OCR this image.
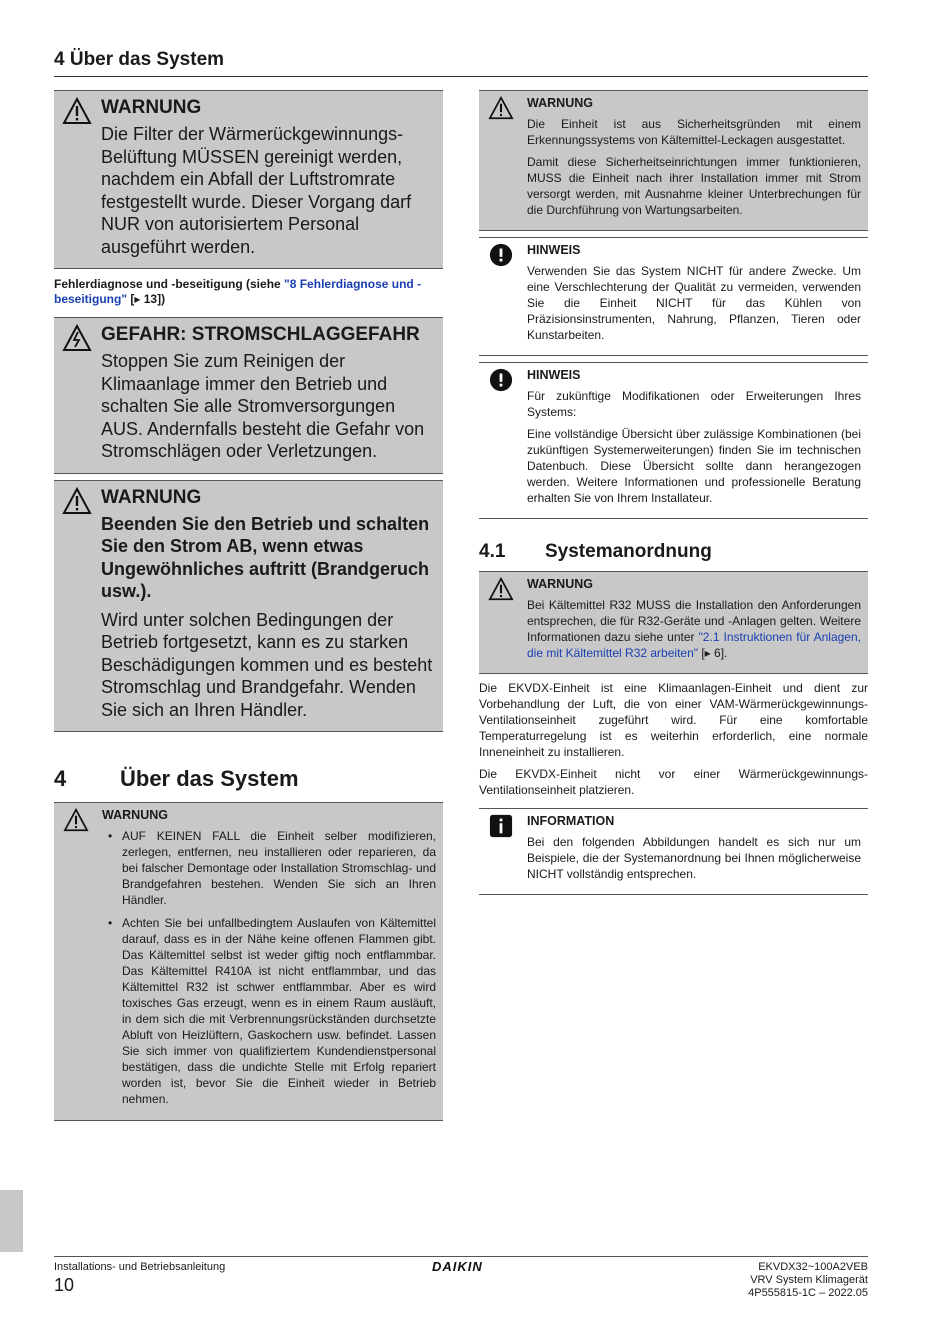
4 Über das System
WARNUNG
Die Filter der Wärmerückgewinnungs-Belüftung MÜSSEN gereinigt werden, nachdem ein Abfall der Luftstromrate festgestellt wurde. Dieser Vorgang darf NUR von autorisiertem Personal ausgeführt werden.
Fehlerdiagnose und -beseitigung (siehe "8 Fehlerdiagnose und -beseitigung" [▸ 13])
GEFAHR: STROMSCHLAGGEFAHR
Stoppen Sie zum Reinigen der Klimaanlage immer den Betrieb und schalten Sie alle Stromversorgungen AUS. Andernfalls besteht die Gefahr von Stromschlägen oder Verletzungen.
WARNUNG
Beenden Sie den Betrieb und schalten Sie den Strom AB, wenn etwas Ungewöhnliches auftritt (Brandgeruch usw.).
Wird unter solchen Bedingungen der Betrieb fortgesetzt, kann es zu starken Beschädigungen kommen und es besteht Stromschlag und Brandgefahr. Wenden Sie sich an Ihren Händler.
4	Über das System
WARNUNG
• AUF KEINEN FALL die Einheit selber modifizieren, zerlegen, entfernen, neu installieren oder reparieren, da bei falscher Demontage oder Installation Stromschlag- und Brandgefahren bestehen. Wenden Sie sich an Ihren Händler.
• Achten Sie bei unfallbedingtem Auslaufen von Kältemittel darauf, dass es in der Nähe keine offenen Flammen gibt. Das Kältemittel selbst ist weder giftig noch entflammbar. Das Kältemittel R410A ist nicht entflammbar, und das Kältemittel R32 ist schwer entflammbar. Aber es wird toxisches Gas erzeugt, wenn es in einem Raum ausläuft, in dem sich die mit Verbrennungsrückständen durchsetzte Abluft von Heizlüftern, Gaskochern usw. befindet. Lassen Sie sich immer von qualifiziertem Kundendienstpersonal bestätigen, dass die undichte Stelle mit Erfolg repariert worden ist, bevor Sie die Einheit wieder in Betrieb nehmen.
WARNUNG
Die Einheit ist aus Sicherheitsgründen mit einem Erkennungssystems von Kältemittel-Leckagen ausgestattet.
Damit diese Sicherheitseinrichtungen immer funktionieren, MUSS die Einheit nach ihrer Installation immer mit Strom versorgt werden, mit Ausnahme kleiner Unterbrechungen für die Durchführung von Wartungsarbeiten.
HINWEIS
Verwenden Sie das System NICHT für andere Zwecke. Um eine Verschlechterung der Qualität zu vermeiden, verwenden Sie die Einheit NICHT für das Kühlen von Präzisionsinstrumenten, Nahrung, Pflanzen, Tieren oder Kunstarbeiten.
HINWEIS
Für zukünftige Modifikationen oder Erweiterungen Ihres Systems:
Eine vollständige Übersicht über zulässige Kombinationen (bei zukünftigen Systemerweiterungen) finden Sie im technischen Datenbuch. Diese Übersicht sollte dann herangezogen werden. Weitere Informationen und professionelle Beratung erhalten Sie von Ihrem Installateur.
4.1	Systemanordnung
WARNUNG
Bei Kältemittel R32 MUSS die Installation den Anforderungen entsprechen, die für R32-Geräte und -Anlagen gelten. Weitere Informationen dazu siehe unter "2.1 Instruktionen für Anlagen, die mit Kältemittel R32 arbeiten" [▸ 6].
Die EKVDX-Einheit ist eine Klimaanlagen-Einheit und dient zur Vorbehandlung der Luft, die von einer VAM-Wärmerückgewinnungs-Ventilationseinheit zugeführt wird. Für eine komfortable Temperaturregelung ist es weiterhin erforderlich, eine normale Inneneinheit zu installieren.
Die EKVDX-Einheit nicht vor einer Wärmerückgewinnungs-Ventilationseinheit platzieren.
INFORMATION
Bei den folgenden Abbildungen handelt es sich nur um Beispiele, die der Systemanordnung bei Ihnen möglicherweise NICHT vollständig entsprechen.
Installations- und Betriebsanleitung
10
DAIKIN	EKVDX32~100A2VEB
VRV System Klimagerät
4P555815-1C – 2022.05
